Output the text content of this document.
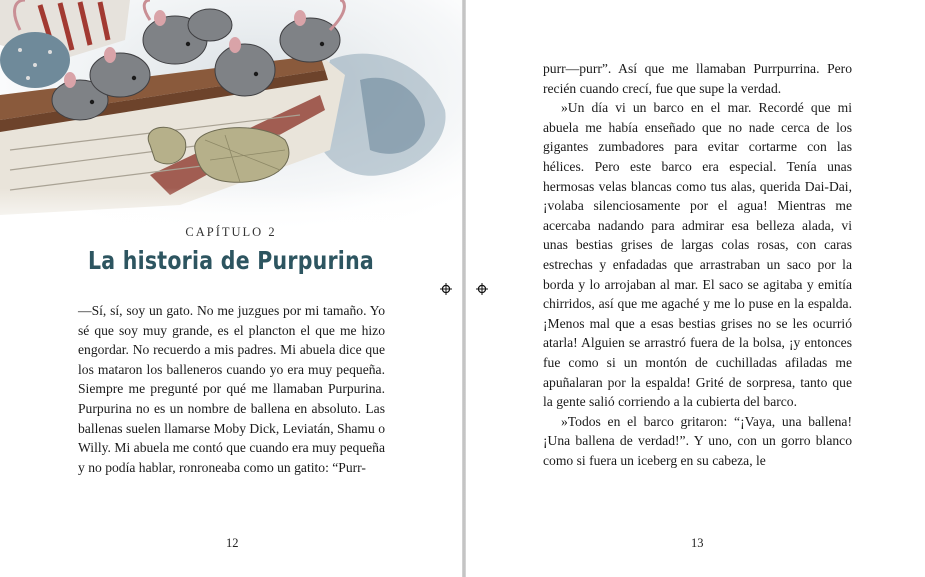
CAPÍTULO 2
La historia de Purpurina

—Sí, sí, soy un gato. No me juzgues por mi tamaño. Yo sé que soy muy grande, es el plancton el que me hizo engordar. No recuerdo a mis padres. Mi abuela dice que los mataron los balleneros cuando yo era muy pequeña. Siempre me pregunté por qué me llamaban Purpurina. Purpurina no es un nombre de ballena en absoluto. Las ballenas suelen llamarse Moby Dick, Leviatán, Shamu o Willy. Mi abuela me contó que cuando era muy pequeña y no podía hablar, ronroneaba como un gatito: “Purr-

12

purr—purr”. Así que me llamaban Purrpurrina. Pero recién cuando crecí, fue que supe la verdad.

»Un día vi un barco en el mar. Recordé que mi abuela me había enseñado que no nade cerca de los gigantes zumbadores para evitar cortarme con las hélices. Pero este barco era especial. Tenía unas hermosas velas blancas como tus alas, querida Dai-Dai, ¡volaba silenciosamente por el agua! Mientras me acercaba nadando para admirar esa belleza alada, vi unas bestias grises de largas colas rosas, con caras estrechas y enfadadas que arrastraban un saco por la borda y lo arrojaban al mar. El saco se agitaba y emitía chirridos, así que me agaché y me lo puse en la espalda. ¡Menos mal que a esas bestias grises no se les ocurrió atarla! Alguien se arrastró fuera de la bolsa, ¡y entonces fue como si un montón de cuchilladas afiladas me apuñalaran por la espalda! Grité de sorpresa, tanto que la gente salió corriendo a la cubierta del barco.

»Todos en el barco gritaron: “¡Vaya, una ballena! ¡Una ballena de verdad!”. Y uno, con un gorro blanco como si fuera un iceberg en su cabeza, le

13
